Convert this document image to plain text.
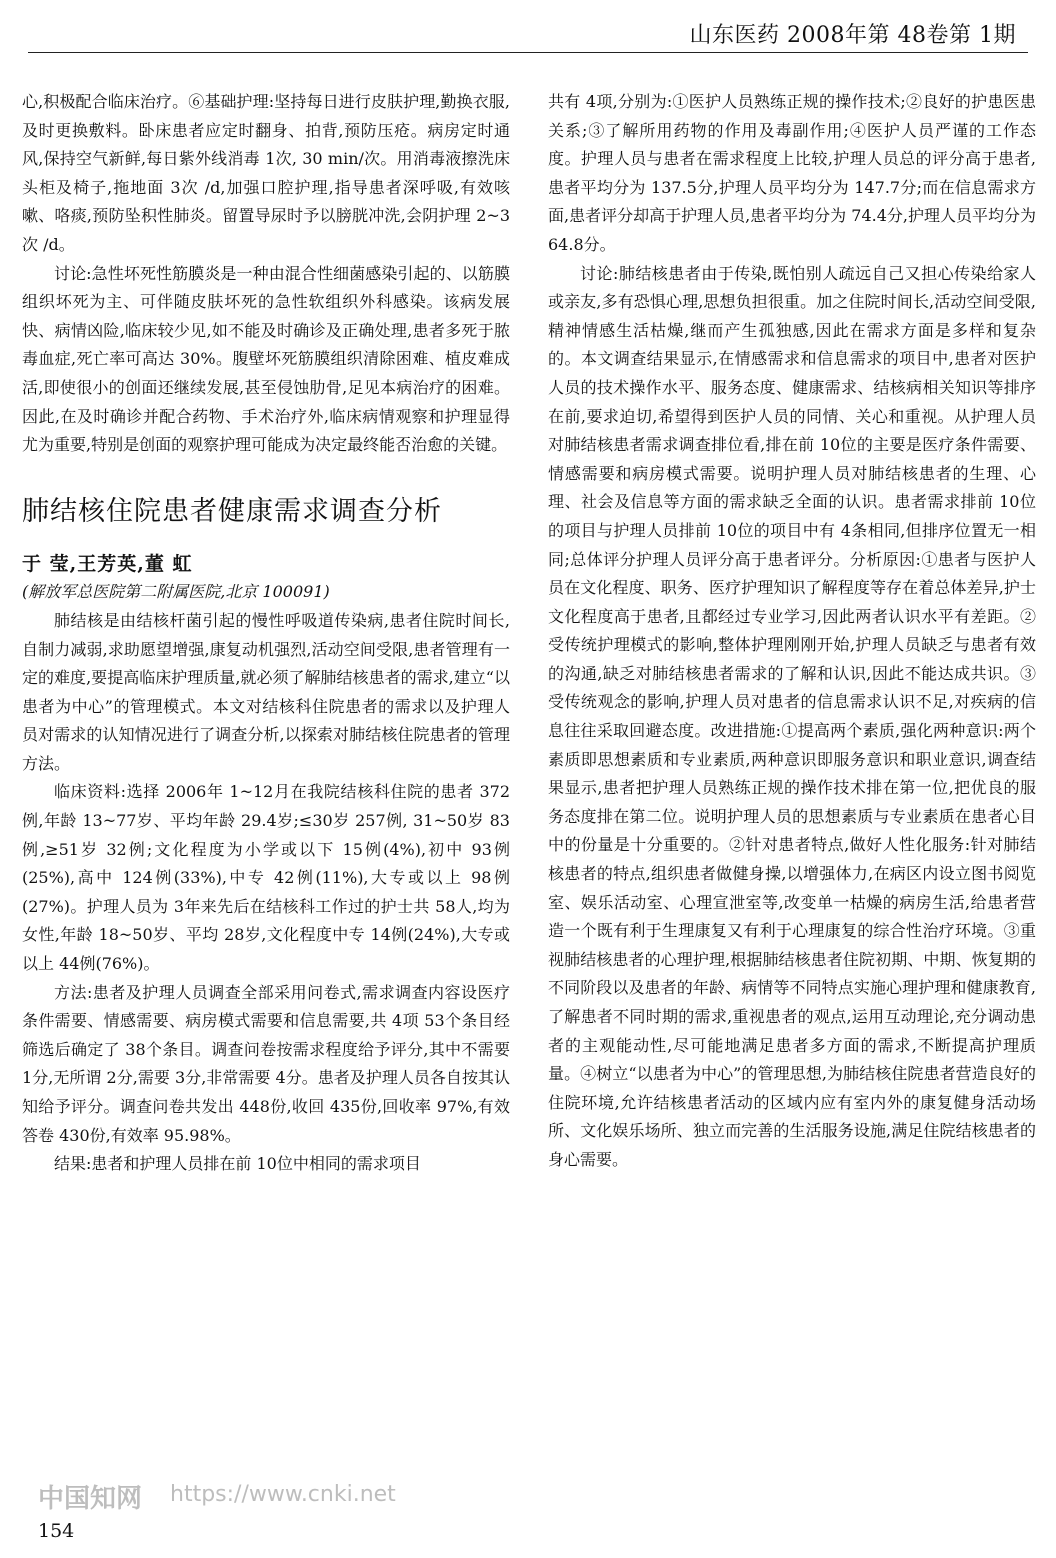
山东医药 2008年第 48卷第 1期

心,积极配合临床治疗。⑥基础护理:坚持每日进行皮肤护理,勤换衣服,及时更换敷料。卧床患者应定时翻身、拍背,预防压疮。病房定时通风,保持空气新鲜,每日紫外线消毒 1次, 30 min/次。用消毒液擦洗床头柜及椅子,拖地面 3次 /d,加强口腔护理,指导患者深呼吸,有效咳嗽、咯痰,预防坠积性肺炎。留置导尿时予以膀胱冲洗,会阴护理 2~3次 /d。

讨论:急性坏死性筋膜炎是一种由混合性细菌感染引起的、以筋膜组织坏死为主、可伴随皮肤坏死的急性软组织外科感染。该病发展快、病情凶险,临床较少见,如不能及时确诊及正确处理,患者多死于脓毒血症,死亡率可高达 30%。腹壁坏死筋膜组织清除困难、植皮难成活,即使很小的创面还继续发展,甚至侵蚀肋骨,足见本病治疗的困难。因此,在及时确诊并配合药物、手术治疗外,临床病情观察和护理显得尤为重要,特别是创面的观察护理可能成为决定最终能否治愈的关键。

肺结核住院患者健康需求调查分析

于 莹,王芳英,董 虹

(解放军总医院第二附属医院,北京 100091)

肺结核是由结核杆菌引起的慢性呼吸道传染病,患者住院时间长,自制力减弱,求助愿望增强,康复动机强烈,活动空间受限,患者管理有一定的难度,要提高临床护理质量,就必须了解肺结核患者的需求,建立“以患者为中心”的管理模式。本文对结核科住院患者的需求以及护理人员对需求的认知情况进行了调查分析,以探索对肺结核住院患者的管理方法。

临床资料:选择 2006年 1~12月在我院结核科住院的患者 372例,年龄 13~77岁、平均年龄 29.4岁;≤30岁 257例, 31~50岁 83例,≥51岁 32例;文化程度为小学或以下 15例(4%),初中 93例(25%),高中 124例(33%),中专 42例(11%),大专或以上 98例(27%)。护理人员为 3年来先后在结核科工作过的护士共 58人,均为女性,年龄 18~50岁、平均 28岁,文化程度中专 14例(24%),大专或以上 44例(76%)。

方法:患者及护理人员调查全部采用问卷式,需求调查内容设医疗条件需要、情感需要、病房模式需要和信息需要,共 4项 53个条目经筛选后确定了 38个条目。调查问卷按需求程度给予评分,其中不需要 1分,无所谓 2分,需要 3分,非常需要 4分。患者及护理人员各自按其认知给予评分。调查问卷共发出 448份,收回 435份,回收率 97%,有效答卷 430份,有效率 95.98%。

结果:患者和护理人员排在前 10位中相同的需求项目

共有 4项,分别为:①医护人员熟练正规的操作技术;②良好的护患医患关系;③了解所用药物的作用及毒副作用;④医护人员严谨的工作态度。护理人员与患者在需求程度上比较,护理人员总的评分高于患者,患者平均分为 137.5分,护理人员平均分为 147.7分;而在信息需求方面,患者评分却高于护理人员,患者平均分为 74.4分,护理人员平均分为 64.8分。

讨论:肺结核患者由于传染,既怕别人疏远自己又担心传染给家人或亲友,多有恐惧心理,思想负担很重。加之住院时间长,活动空间受限,精神情感生活枯燥,继而产生孤独感,因此在需求方面是多样和复杂的。本文调查结果显示,在情感需求和信息需求的项目中,患者对医护人员的技术操作水平、服务态度、健康需求、结核病相关知识等排序在前,要求迫切,希望得到医护人员的同情、关心和重视。从护理人员对肺结核患者需求调查排位看,排在前 10位的主要是医疗条件需要、情感需要和病房模式需要。说明护理人员对肺结核患者的生理、心理、社会及信息等方面的需求缺乏全面的认识。患者需求排前 10位的项目与护理人员排前 10位的项目中有 4条相同,但排序位置无一相同;总体评分护理人员评分高于患者评分。分析原因:①患者与医护人员在文化程度、职务、医疗护理知识了解程度等存在着总体差异,护士文化程度高于患者,且都经过专业学习,因此两者认识水平有差距。②受传统护理模式的影响,整体护理刚刚开始,护理人员缺乏与患者有效的沟通,缺乏对肺结核患者需求的了解和认识,因此不能达成共识。③受传统观念的影响,护理人员对患者的信息需求认识不足,对疾病的信息往往采取回避态度。改进措施:①提高两个素质,强化两种意识:两个素质即思想素质和专业素质,两种意识即服务意识和职业意识,调查结果显示,患者把护理人员熟练正规的操作技术排在第一位,把优良的服务态度排在第二位。说明护理人员的思想素质与专业素质在患者心目中的份量是十分重要的。②针对患者特点,做好人性化服务:针对肺结核患者的特点,组织患者做健身操,以增强体力,在病区内设立图书阅览室、娱乐活动室、心理宣泄室等,改变单一枯燥的病房生活,给患者营造一个既有利于生理康复又有利于心理康复的综合性治疗环境。③重视肺结核患者的心理护理,根据肺结核患者住院初期、中期、恢复期的不同阶段以及患者的年龄、病情等不同特点实施心理护理和健康教育,了解患者不同时期的需求,重视患者的观点,运用互动理论,充分调动患者的主观能动性,尽可能地满足患者多方面的需求,不断提高护理质量。④树立“以患者为中心”的管理思想,为肺结核住院患者营造良好的住院环境,允许结核患者活动的区域内应有室内外的康复健身活动场所、文化娱乐场所、独立而完善的生活服务设施,满足住院结核患者的身心需要。

中国知网 https://www.cnki.net
154
